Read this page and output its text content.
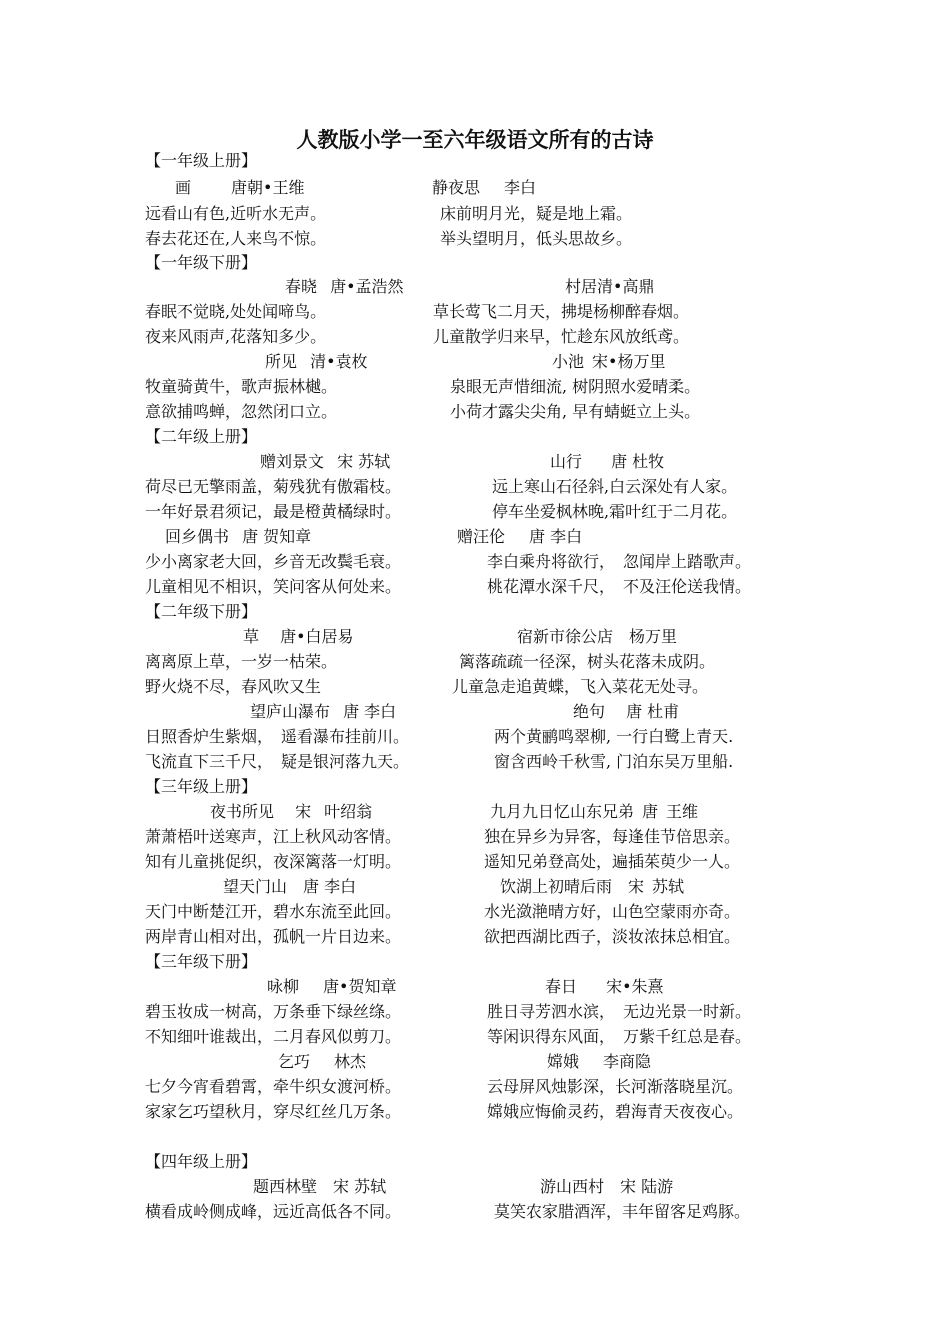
人教版小学一至六年级语文所有的古诗
【一年级上册】
画   唐朝•王维	静夜思  李白
远看山有色,近听水无声。	床前明月光，疑是地上霜。
春去花还在,人来鸟不惊。	举头望明月，低头思故乡。
【一年级下册】
春晓  唐•孟浩然	村居清•高鼎
春眠不觉晓,处处闻啼鸟。	草长莺飞二月天，拂堤杨柳醉春烟。
夜来风雨声,花落知多少。	儿童散学归来早，忙趁东风放纸鸢。
所见  清•袁枚	小池 宋•杨万里
牧童骑黄牛，歌声振林樾。	泉眼无声惜细流, 树阴照水爱晴柔。
意欲捕鸣蝉，忽然闭口立。	小荷才露尖尖角, 早有蜻蜓立上头。
【二年级上册】
赠刘景文  宋 苏轼	山行   唐 杜牧
荷尽已无擎雨盖，菊残犹有傲霜枝。	远上寒山石径斜,白云深处有人家。
一年好景君须记，最是橙黄橘绿时。	停车坐爱枫林晚,霜叶红于二月花。
回乡偶书  唐 贺知章	赠汪伦  唐 李白
少小离家老大回，乡音无改鬓毛衰。	李白乘舟将欲行， 忽闻岸上踏歌声。
儿童相见不相识，笑问客从何处来。	桃花潭水深千尺， 不及汪伦送我情。
【二年级下册】
草  唐•白居易	宿新市徐公店 杨万里
离离原上草，一岁一枯荣。	篱落疏疏一径深，树头花落未成阴。
野火烧不尽，春风吹又生	儿童急走追黄蝶，飞入菜花无处寻。
望庐山瀑布  唐 李白	绝句  唐 杜甫
日照香炉生紫烟， 遥看瀑布挂前川。	两个黄鹂鸣翠柳, 一行白鹭上青天.
飞流直下三千尺， 疑是银河落九天。	窗含西岭千秋雪, 门泊东吴万里船.
【三年级上册】
夜书所见  宋  叶绍翁	九月九日忆山东兄弟 唐 王维
萧萧梧叶送寒声，江上秋风动客情。	独在异乡为异客，每逢佳节倍思亲。
知有儿童挑促织，夜深篱落一灯明。	遥知兄弟登高处，遍插茱萸少一人。
望天门山 唐 李白	饮湖上初晴后雨 宋 苏轼
天门中断楚江开，碧水东流至此回。	水光潋滟晴方好，山色空蒙雨亦奇。
两岸青山相对出，孤帆一片日边来。	欲把西湖比西子，淡妆浓抹总相宜。
【三年级下册】
咏柳  唐•贺知章	春日   宋•朱熹
碧玉妆成一树高，万条垂下绿丝绦。	胜日寻芳泗水滨， 无边光景一时新。
不知细叶谁裁出，二月春风似剪刀。	等闲识得东风面， 万紫千红总是春。
乞巧  林杰	嫦娥  李商隐
七夕今宵看碧霄，牵牛织女渡河桥。	云母屏风烛影深，长河渐落晓星沉。
家家乞巧望秋月，穿尽红丝几万条。	嫦娥应悔偷灵药，碧海青天夜夜心。
【四年级上册】
题西林壁 宋 苏轼	游山西村 宋 陆游
横看成岭侧成峰，远近高低各不同。	莫笑农家腊酒浑，丰年留客足鸡豚。
